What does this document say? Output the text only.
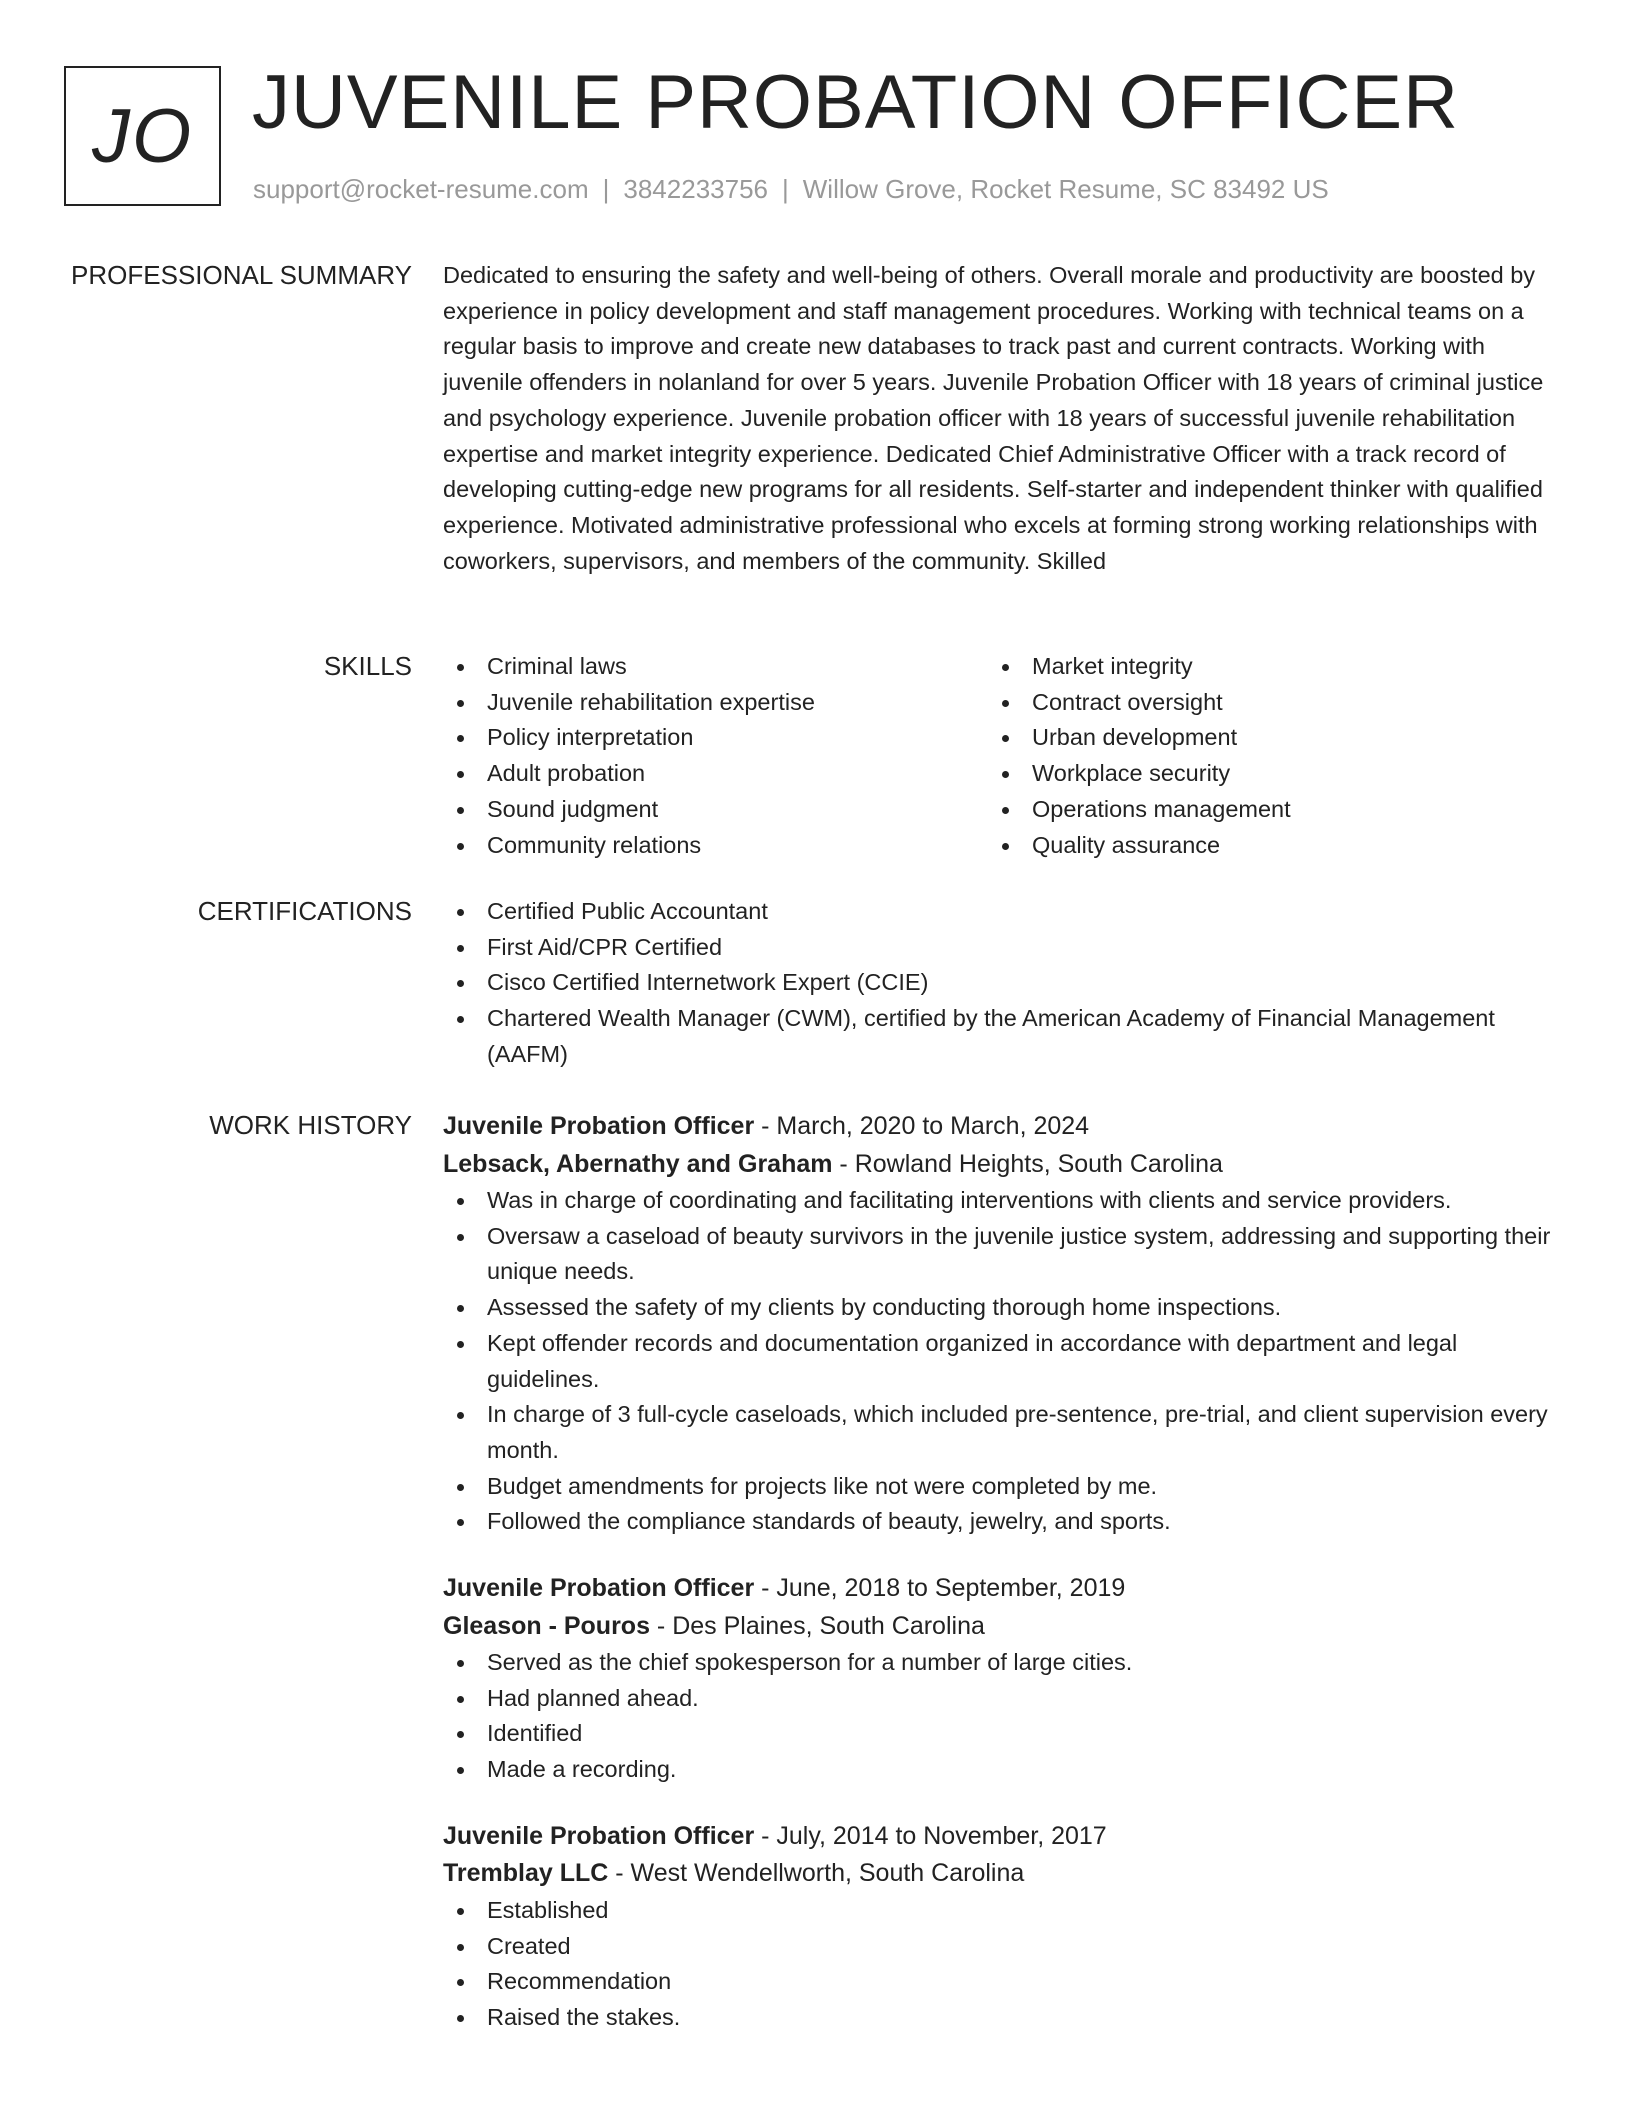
JO JUVENILE PROBATION OFFICER
support@rocket-resume.com | 3842233756 | Willow Grove, Rocket Resume, SC 83492 US
PROFESSIONAL SUMMARY Dedicated to ensuring the safety and well-being of others. Overall morale and productivity are boosted by experience in policy development and staff management procedures. Working with technical teams on a regular basis to improve and create new databases to track past and current contracts. Working with juvenile offenders in nolanland for over 5 years. Juvenile Probation Officer with 18 years of criminal justice and psychology experience. Juvenile probation officer with 18 years of successful juvenile rehabilitation expertise and market integrity experience. Dedicated Chief Administrative Officer with a track record of developing cutting-edge new programs for all residents. Self-starter and independent thinker with qualified experience. Motivated administrative professional who excels at forming strong working relationships with coworkers, supervisors, and members of the community. Skilled
SKILLS	Criminal laws
Juvenile rehabilitation expertise
Policy interpretation
Adult probation
Sound judgment
Community relations
Market integrity
Contract oversight
Urban development
Workplace security
Operations management
Quality assurance
CERTIFICATIONS	Certified Public Accountant
First Aid/CPR Certified
Cisco Certified Internetwork Expert (CCIE)
Chartered Wealth Manager (CWM), certified by the American Academy of Financial Management (AAFM)
WORK HISTORY Juvenile Probation Officer - March, 2020 to March, 2024
Lebsack, Abernathy and Graham - Rowland Heights, South Carolina
Was in charge of coordinating and facilitating interventions with clients and service providers.
Oversaw a caseload of beauty survivors in the juvenile justice system, addressing and supporting their unique needs.
Assessed the safety of my clients by conducting thorough home inspections.
Kept offender records and documentation organized in accordance with department and legal guidelines.
In charge of 3 full-cycle caseloads, which included pre-sentence, pre-trial, and client supervision every month.
Budget amendments for projects like not were completed by me.
Followed the compliance standards of beauty, jewelry, and sports.
Juvenile Probation Officer - June, 2018 to September, 2019
Gleason - Pouros - Des Plaines, South Carolina
Served as the chief spokesperson for a number of large cities.
Had planned ahead.
Identified
Made a recording.
Juvenile Probation Officer - July, 2014 to November, 2017
Tremblay LLC - West Wendellworth, South Carolina
Established
Created
Recommendation
Raised the stakes.
